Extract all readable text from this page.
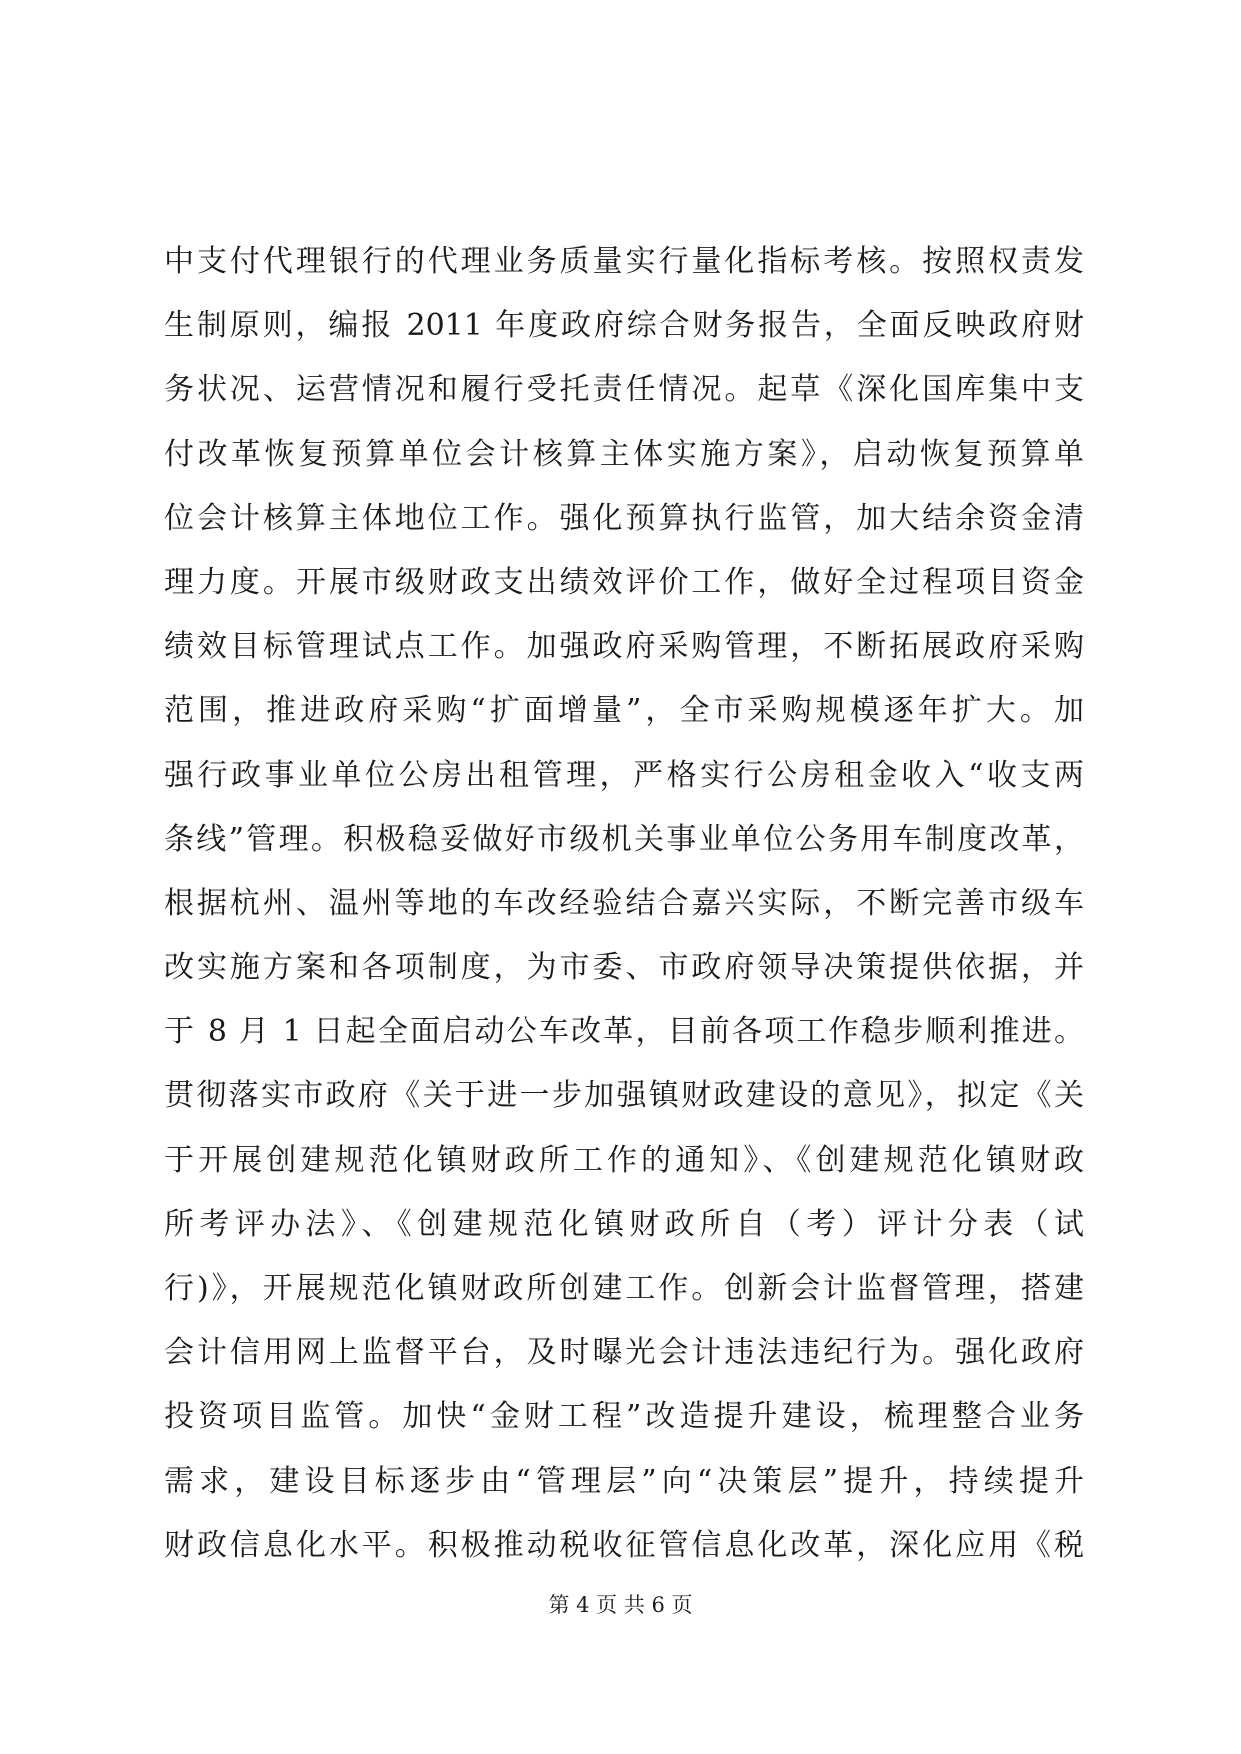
中支付代理银行的代理业务质量实行量化指标考核。按照权责发
生制原则，编报 2011 年度政府综合财务报告，全面反映政府财
务状况、运营情况和履行受托责任情况。起草《深化国库集中支
付改革恢复预算单位会计核算主体实施方案》，启动恢复预算单
位会计核算主体地位工作。强化预算执行监管，加大结余资金清
理力度。开展市级财政支出绩效评价工作，做好全过程项目资金
绩效目标管理试点工作。加强政府采购管理，不断拓展政府采购
范围，推进政府采购“扩面增量”，全市采购规模逐年扩大。加
强行政事业单位公房出租管理，严格实行公房租金收入“收支两
条线”管理。积极稳妥做好市级机关事业单位公务用车制度改革，
根据杭州、温州等地的车改经验结合嘉兴实际，不断完善市级车
改实施方案和各项制度，为市委、市政府领导决策提供依据，并
于 8 月 1 日起全面启动公车改革，目前各项工作稳步顺利推进。
贯彻落实市政府《关于进一步加强镇财政建设的意见》，拟定《关
于开展创建规范化镇财政所工作的通知》、《创建规范化镇财政
所考评办法》、《创建规范化镇财政所自（考）评计分表（试
行)》，开展规范化镇财政所创建工作。创新会计监督管理，搭建
会计信用网上监督平台，及时曝光会计违法违纪行为。强化政府
投资项目监管。加快“金财工程”改造提升建设，梳理整合业务
需求，建设目标逐步由“管理层”向“决策层”提升，持续提升
财政信息化水平。积极推动税收征管信息化改革，深化应用《税
第 4 页 共 6 页
